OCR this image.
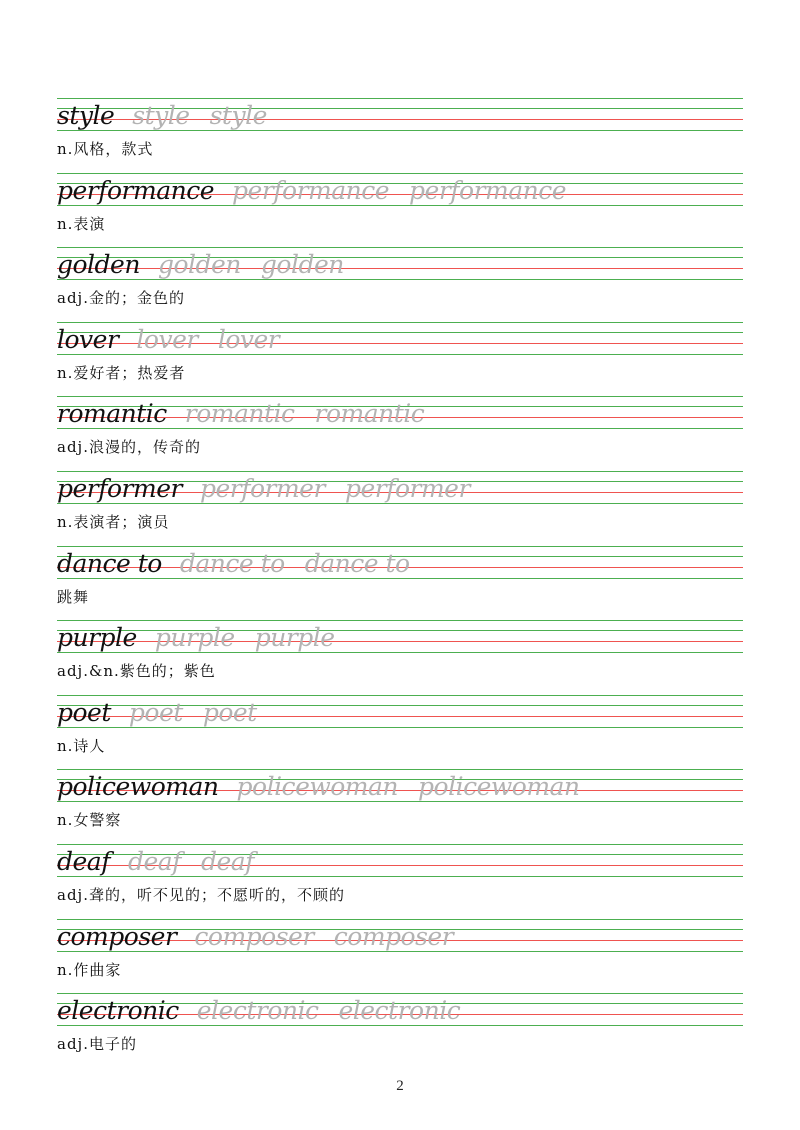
style style style
n.风格，款式
performance performance performance
n.表演
golden golden golden
adj.金的；金色的
lover lover lover
n.爱好者；热爱者
romantic romantic romantic
adj.浪漫的，传奇的
performer performer performer
n.表演者；演员
dance to dance to dance to
跳舞
purple purple purple
adj.&n.紫色的；紫色
poet poet poet
n.诗人
policewoman policewoman policewoman
n.女警察
deaf deaf deaf
adj.聋的，听不见的；不愿听的，不顾的
composer composer composer
n.作曲家
electronic electronic electronic
adj.电子的
2
